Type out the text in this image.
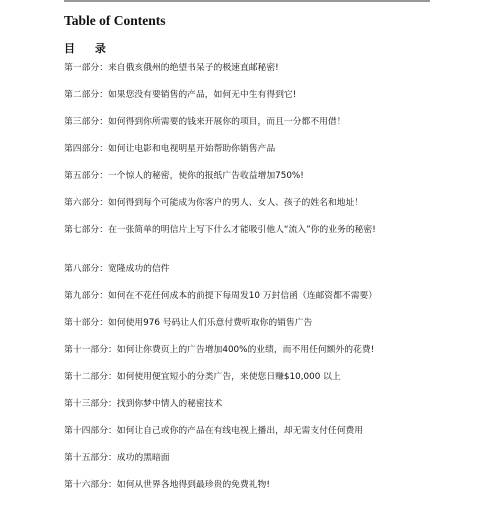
Table of Contents
目 录
第一部分：来自俄亥俄州的绝望书呆子的极速直邮秘密!
第二部分：如果您没有要销售的产品，如何无中生有得到它!
第三部分：如何得到你所需要的钱来开展你的项目，而且一分都不用借！
第四部分：如何让电影和电视明星开始帮助你销售产品
第五部分：一个惊人的秘密，使你的报纸广告收益增加750%!
第六部分：如何得到每个可能成为你客户的男人、女人、孩子的姓名和地址！
第七部分：在一张简单的明信片上写下什么才能吸引他人“流入”你的业务的秘密!
第八部分：宽隆成功的信件
第九部分：如何在不花任何成本的前提下每周发10 万封信函（连邮资都不需要）
第十部分：如何使用976 号码让人们乐意付费听取你的销售广告
第十一部分：如何让你费页上的广告增加400%的业绩，而不用任何额外的花费!
第十二部分：如何使用便宜短小的分类广告，来使您日赚$10,000 以上
第十三部分：找到你梦中情人的秘密技术
第十四部分：如何让自己或你的产品在有线电视上播出，却无需支付任何费用
第十五部分：成功的黑暗面
第十六部分：如何从世界各地得到最珍贵的免费礼物!
